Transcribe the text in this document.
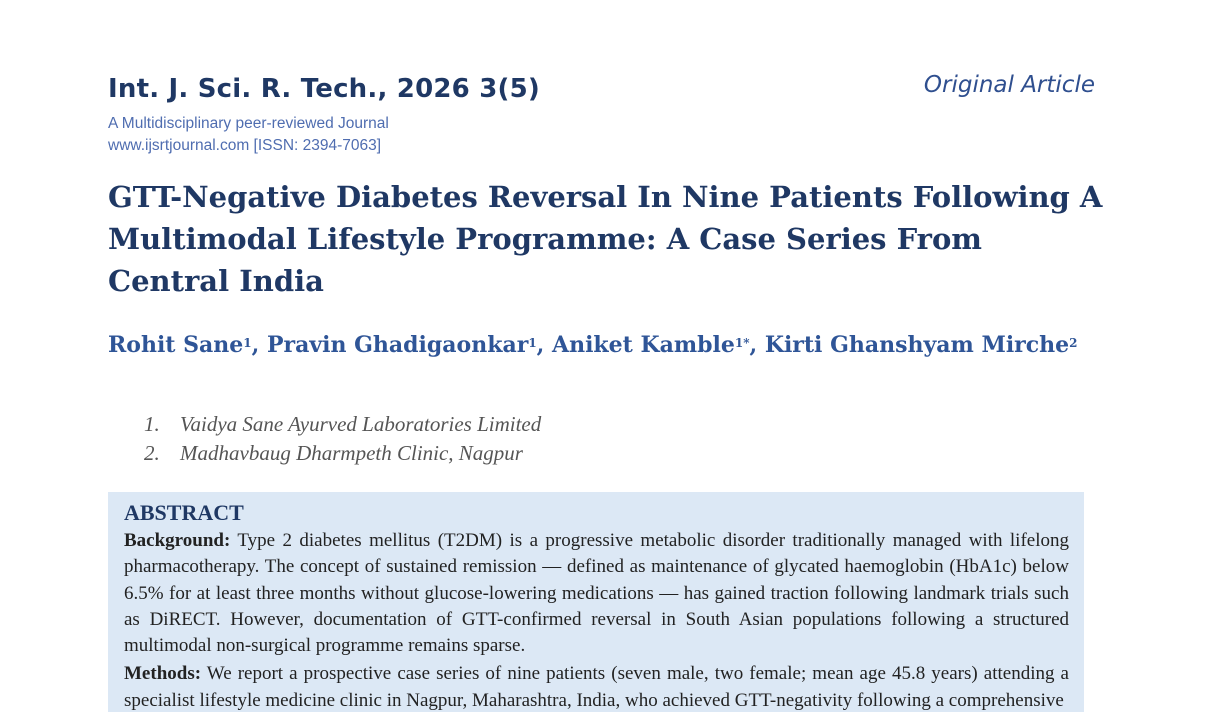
Int. J. Sci. R. Tech., 2026 3(5)
A Multidisciplinary peer-reviewed Journal
www.ijsrtjournal.com [ISSN: 2394-7063]
Original Article
GTT-Negative Diabetes Reversal In Nine Patients Following A Multimodal Lifestyle Programme: A Case Series From Central India
Rohit Sane$^1$, Pravin Ghadigaonkar$^1$, Aniket Kamble$^{1*}$, Kirti Ghanshyam Mirche$^2$
1. Vaidya Sane Ayurved Laboratories Limited
2. Madhavbaug Dharmpeth Clinic, Nagpur
ABSTRACT

Background: Type 2 diabetes mellitus (T2DM) is a progressive metabolic disorder traditionally managed with lifelong pharmacotherapy. The concept of sustained remission — defined as maintenance of glycated haemoglobin (HbA1c) below 6.5% for at least three months without glucose-lowering medications — has gained traction following landmark trials such as DiRECT. However, documentation of GTT-confirmed reversal in South Asian populations following a structured multimodal non-surgical programme remains sparse.

Methods: We report a prospective case series of nine patients (seven male, two female; mean age 45.8 years) attending a specialist lifestyle medicine clinic in Nagpur, Maharashtra, India, who achieved GTT-negativity following a comprehensive
